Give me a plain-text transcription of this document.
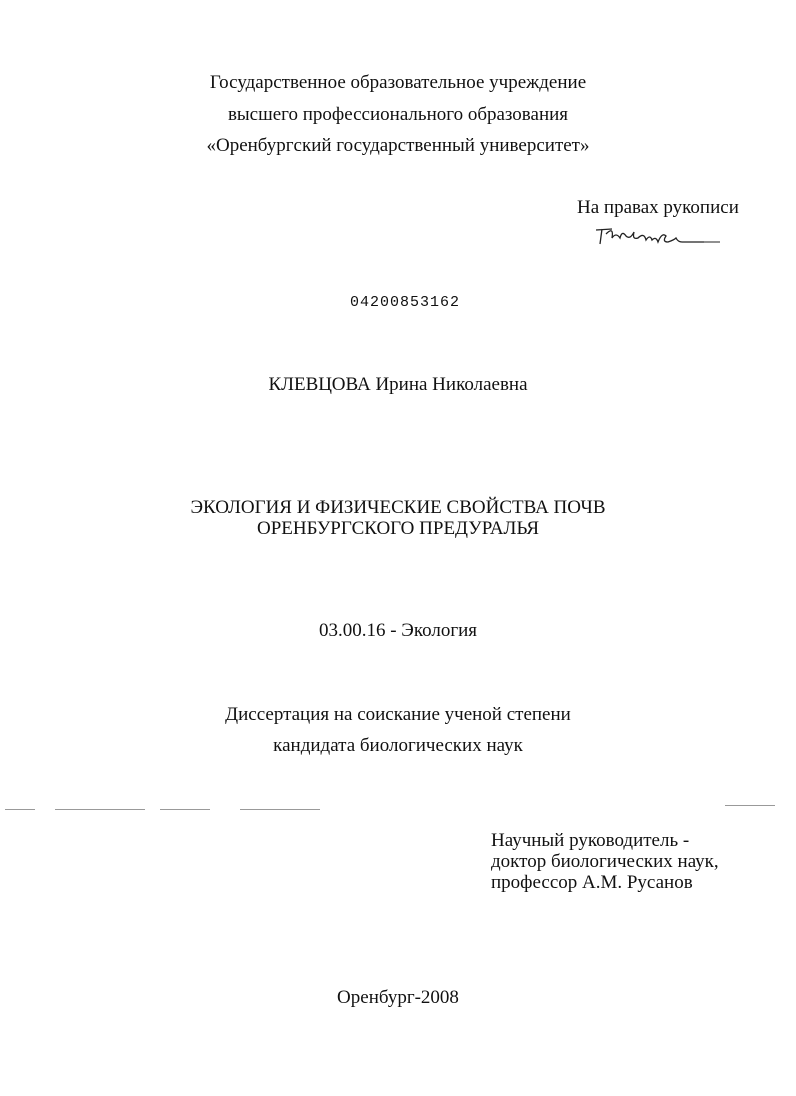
Государственное образовательное учреждение
высшего профессионального образования
«Оренбургский государственный университет»
На правах рукописи
04200853162
КЛЕВЦОВА Ирина Николаевна
ЭКОЛОГИЯ И ФИЗИЧЕСКИЕ СВОЙСТВА ПОЧВ
ОРЕНБУРГСКОГО ПРЕДУРАЛЬЯ
03.00.16 - Экология
Диссертация на соискание ученой степени
кандидата биологических наук
Научный руководитель -
доктор биологических наук,
профессор А.М. Русанов
Оренбург-2008
